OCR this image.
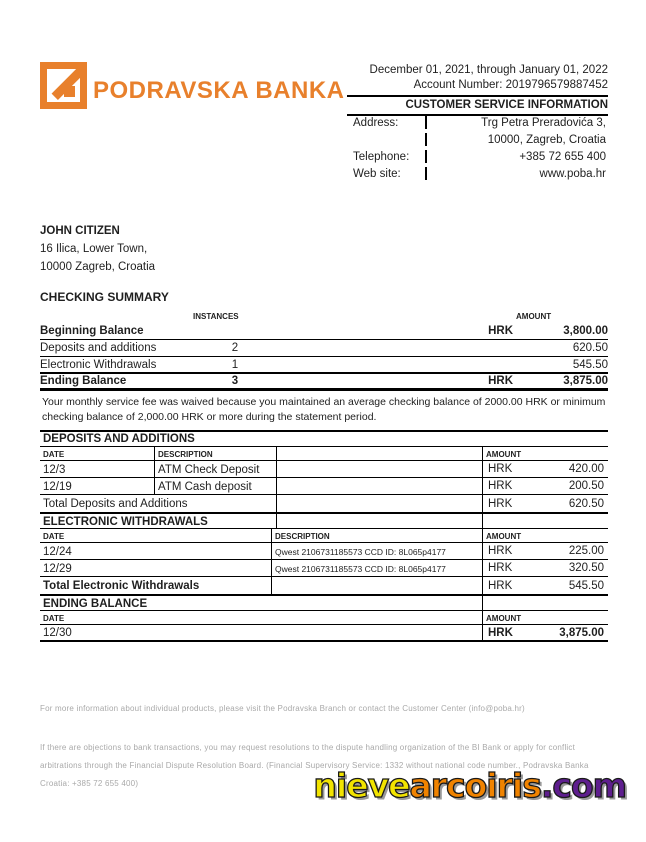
PODRAVSKA BANKA
December 01, 2021, through January 01, 2022
Account Number: 2019796579887452
CUSTOMER SERVICE INFORMATION
Address:	Trg Petra Preradovića 3,
10000, Zagreb, Croatia
Telephone:	+385 72 655 400
Web site:	www.poba.hr
JOHN CITIZEN
16 Ilica, Lower Town,
10000 Zagreb, Croatia
CHECKING SUMMARY
INSTANCES	AMOUNT
Beginning Balance	HRK	3,800.00
Deposits and additions	2	620.50
Electronic Withdrawals	1	545.50
Ending Balance	3	HRK	3,875.00
Your monthly service fee was waived because you maintained an average checking balance of 2000.00 HRK or minimum checking balance of 2,000.00 HRK or more during the statement period.
DEPOSITS AND ADDITIONS
DATE	DESCRIPTION	AMOUNT
12/3	ATM Check Deposit	HRK	420.00
12/19	ATM Cash deposit	HRK	200.50
Total Deposits and Additions	HRK	620.50
ELECTRONIC WITHDRAWALS
DATE	DESCRIPTION	AMOUNT
12/24	Qwest 2106731185573 CCD ID: 8L065p4177	HRK	225.00
12/29	Qwest 2106731185573 CCD ID: 8L065p4177	HRK	320.50
Total Electronic Withdrawals	HRK	545.50
ENDING BALANCE
DATE	AMOUNT
12/30	HRK	3,875.00

For more information about individual products, please visit the Podravska Branch or contact the Customer Center (info@poba.hr)

If there are objections to bank transactions, you may request resolutions to the dispute handling organization of the BI Bank or apply for conflict arbitrations through the Financial Dispute Resolution Board. (Financial Supervisory Service: 1332 without national code number., Podravska Banka Croatia: +385 72 655 400)	nievearcoiris.com
